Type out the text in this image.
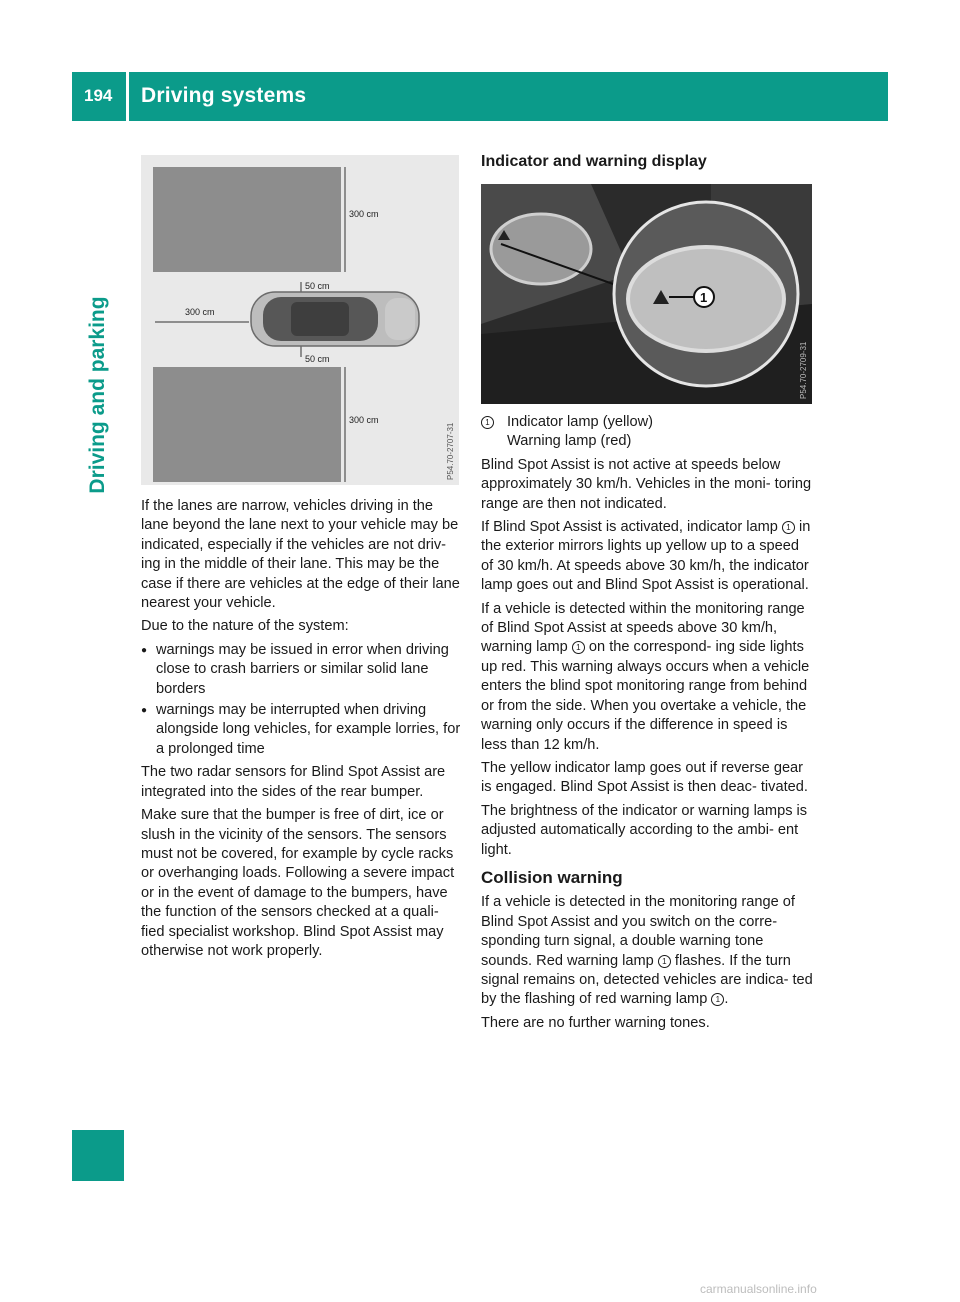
194 Driving systems
Driving and parking
300 cm
50 cm
300 cm
50 cm
300 cm
P54.70-2707-31
1
P54.70-2709-31

If the lanes are narrow, vehicles driving in the lane beyond the lane next to your vehicle may be indicated, especially if the vehicles are not driv- ing in the middle of their lane. This may be the case if there are vehicles at the edge of their lane nearest your vehicle.

Due to the nature of the system:

● warnings may be issued in error when driving close to crash barriers or similar solid lane borders
● warnings may be interrupted when driving alongside long vehicles, for example lorries, for a prolonged time

The two radar sensors for Blind Spot Assist are integrated into the sides of the rear bumper.

Make sure that the bumper is free of dirt, ice or slush in the vicinity of the sensors. The sensors must not be covered, for example by cycle racks or overhanging loads. Following a severe impact or in the event of damage to the bumpers, have the function of the sensors checked at a quali- fied specialist workshop. Blind Spot Assist may otherwise not work properly.

Indicator and warning display
1	Indicator lamp (yellow)
Warning lamp (red)

Blind Spot Assist is not active at speeds below approximately 30 km/h. Vehicles in the moni- toring range are then not indicated.

If Blind Spot Assist is activated, indicator lamp 1 in the exterior mirrors lights up yellow up to a speed of 30 km/h. At speeds above 30 km/h, the indicator lamp goes out and Blind Spot Assist is operational.

If a vehicle is detected within the monitoring range of Blind Spot Assist at speeds above 30 km/h, warning lamp 1 on the correspond- ing side lights up red. This warning always occurs when a vehicle enters the blind spot monitoring range from behind or from the side. When you overtake a vehicle, the warning only occurs if the difference in speed is less than 12 km/h.

The yellow indicator lamp goes out if reverse gear is engaged. Blind Spot Assist is then deac- tivated.

The brightness of the indicator or warning lamps is adjusted automatically according to the ambi- ent light.

Collision warning

If a vehicle is detected in the monitoring range of Blind Spot Assist and you switch on the corre- sponding turn signal, a double warning tone sounds. Red warning lamp 1 flashes. If the turn signal remains on, detected vehicles are indica- ted by the flashing of red warning lamp 1 .

There are no further warning tones.

carmanualsonline.info
